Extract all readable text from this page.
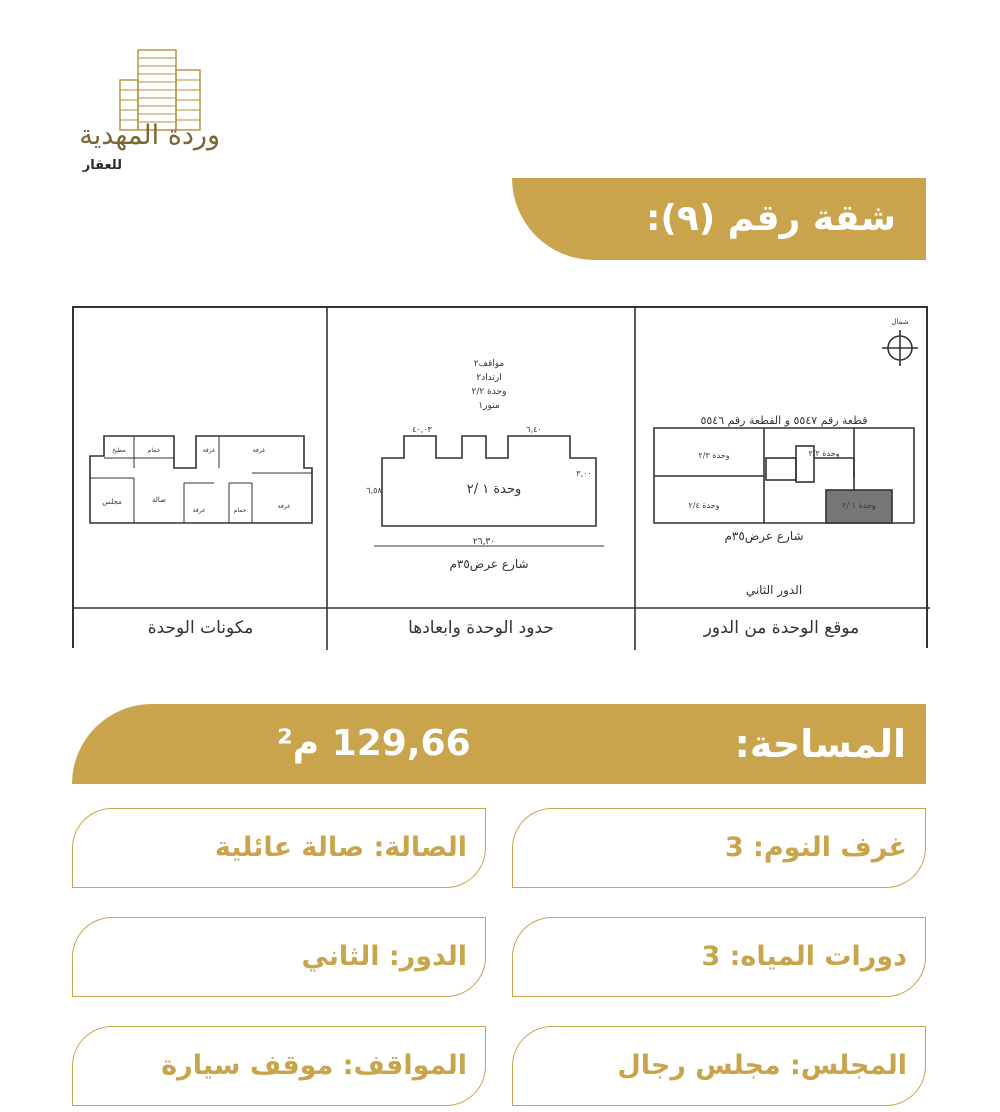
وردة المهدية
للعقار
شقة رقم (٩):
قطعة رقم ٥٥٤٧ و القطعة رقم ٥٥٤٦
وحدة ٢/٣	وحدة ٢/٢
وحدة ٢/٤	وحدة ١ /٢
شارع عرض٣٥م
الدور الثاني
شمال
مواقف٢
ارتداد٢
وحدة ٢/٢
متور١
وحدة ١ /٢
٢٦,٣٠
شارع عرض٣٥م
٦,٤٠
٤٠,٠٣
٣,٠٠
٦,٥٨
مطبخ	حمام	غرفة	غرفة
مجلس	صالة
غرفة	حمام
غرفة
موقع الوحدة من الدور
حدود الوحدة وابعادها
مكونات الوحدة
المساحة:
129,66 م²
غرف النوم: 3
الصالة: صالة عائلية
دورات المياه: 3
الدور: الثاني
المجلس: مجلس رجال
المواقف: موقف سيارة
